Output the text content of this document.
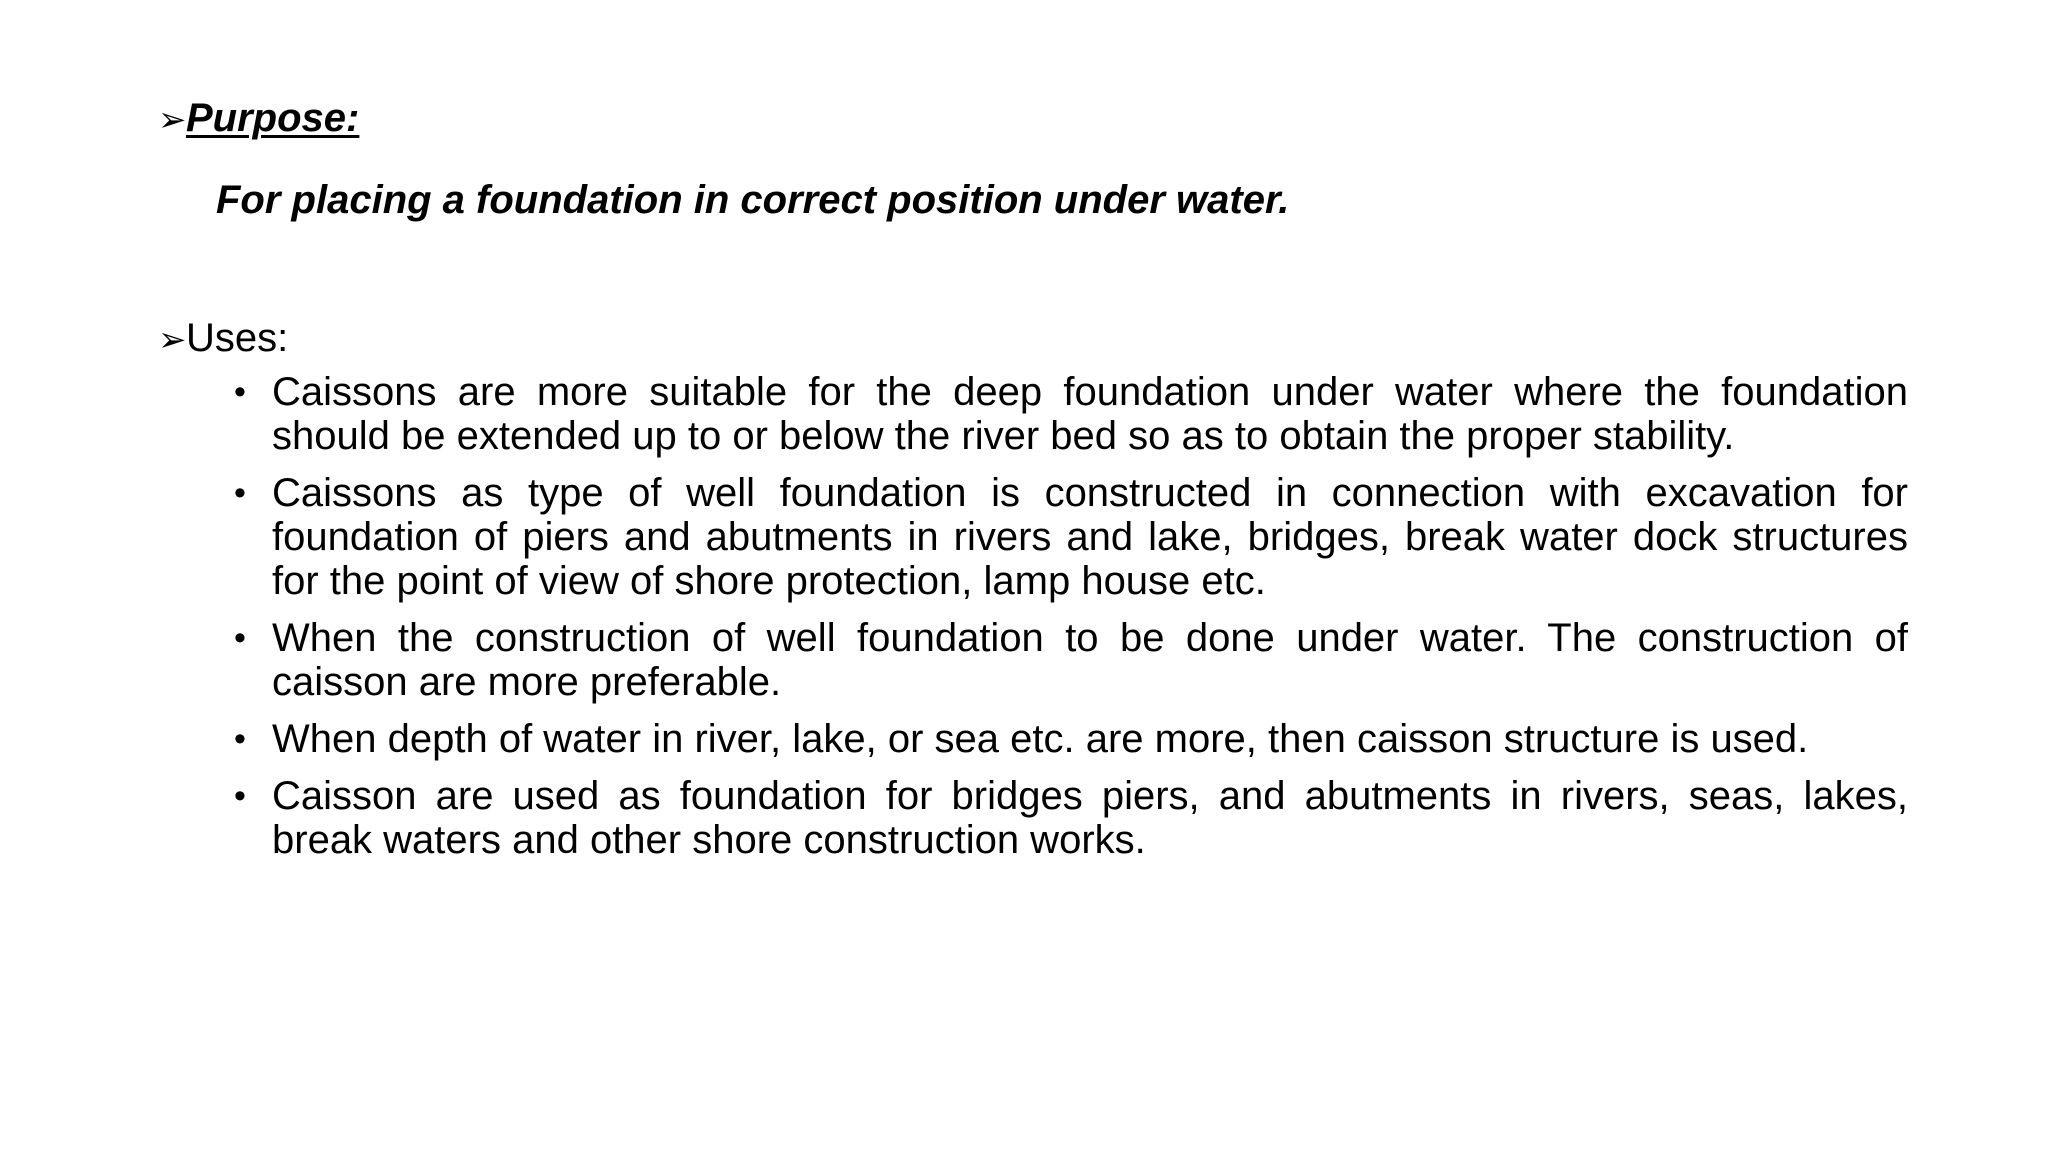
➢Purpose:
For placing a foundation in correct position under water.
➢Uses:
• Caissons are more suitable for the deep foundation under water where the foundation should be extended up to or below the river bed so as to obtain the proper stability.
• Caissons as type of well foundation is constructed in connection with excavation for foundation of piers and abutments in rivers and lake, bridges, break water dock structures for the point of view of shore protection, lamp house etc.
• When the construction of well foundation to be done under water. The construction of caisson are more preferable.
• When depth of water in river, lake, or sea etc. are more, then caisson structure is used.
• Caisson are used as foundation for bridges piers, and abutments in rivers, seas, lakes, break waters and other shore construction works.
